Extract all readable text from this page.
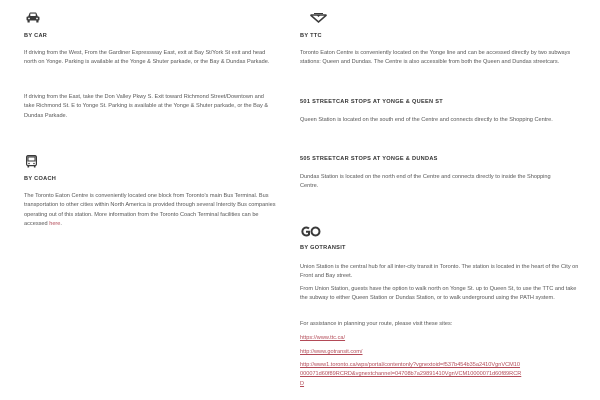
BY CAR

If driving from the West, From the Gardiner Expressway East, exit at Bay St/York St exit and head north on Yonge. Parking is available at the Yonge & Shuter parkade, or the Bay & Dundas Parkade.

If driving from the East, take the Don Valley Pkwy S. Exit toward Richmond Street/Downtown and take Richmond St. E to Yonge St. Parking is available at the Yonge & Shuter parkade, or the Bay & Dundas Parkade.

BY COACH

The Toronto Eaton Centre is conveniently located one block from Toronto's main Bus Terminal. Bus transportation to other cities within North America is provided through several Intercity Bus companies operating out of this station. More information from the Toronto Coach Terminal facilities can be accessed here.

BY TTC

Toronto Eaton Centre is conveniently located on the Yonge line and can be accessed directly by two subways stations: Queen and Dundas. The Centre is also accessible from both the Queen and Dundas streetcars.

501 STREETCAR STOPS AT YONGE & QUEEN ST

Queen Station is located on the south end of the Centre and connects directly to the Shopping Centre.

505 STREETCAR STOPS AT YONGE & DUNDAS

Dundas Station is located on the north end of the Centre and connects directly to inside the Shopping Centre.

BY GOTRANSIT

Union Station is the central hub for all inter-city transit in Toronto. The station is located in the heart of the City on Front and Bay street.

From Union Station, guests have the option to walk north on Yonge St. up to Queen St, to use the TTC and take the subway to either Queen Station or Dundas Station, or to walk underground using the PATH system.

For assistance in planning your route, please visit these sites:

https://www.ttc.ca/
http://www.gotransit.com/
http://www1.toronto.ca/wps/portal/contentonly?vgnextoid=f537b454b35a2410VgnVCM10000071d60f89RCRD&vgnextchannel=04708b7a29891410VgnVCM10000071d60f89RCRD
